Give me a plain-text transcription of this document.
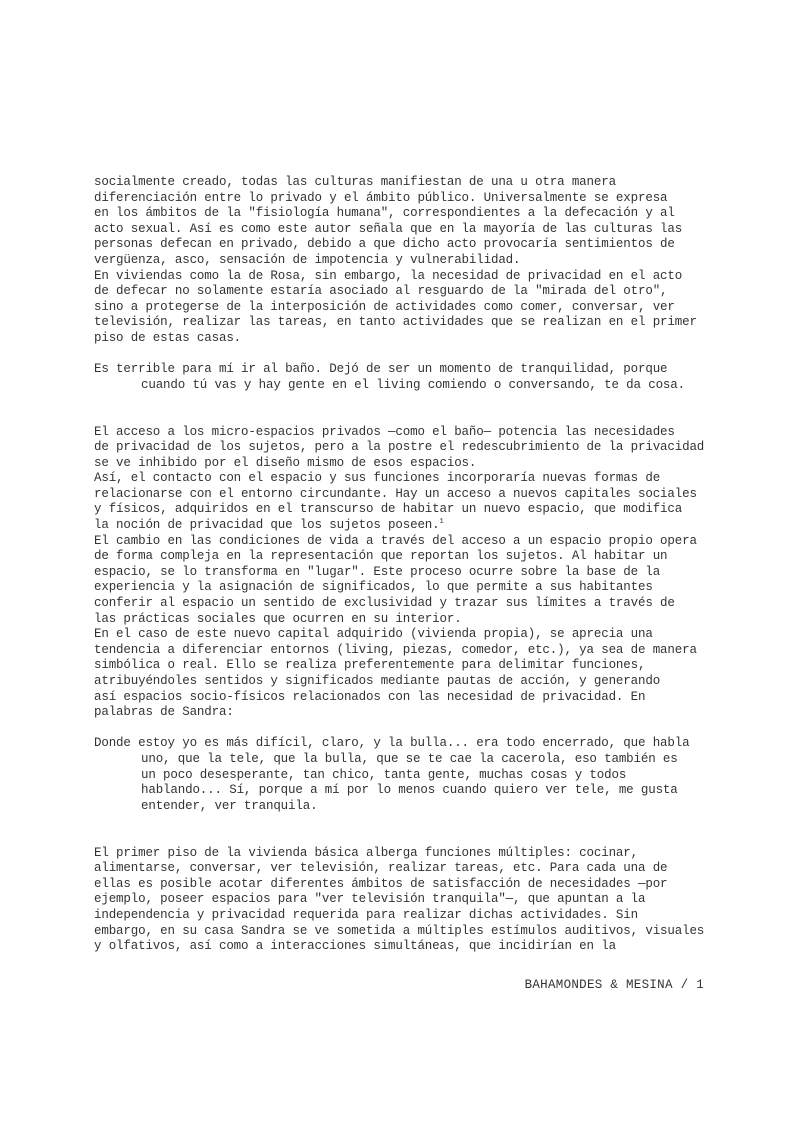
socialmente creado, todas las culturas manifiestan de una u otra manera
diferenciación entre lo privado y el ámbito público. Universalmente se expresa
en los ámbitos de la "fisiología humana", correspondientes a la defecación y al
acto sexual. Así es como este autor señala que en la mayoría de las culturas las
personas defecan en privado, debido a que dicho acto provocaría sentimientos de
vergüenza, asco, sensación de impotencia y vulnerabilidad.
En viviendas como la de Rosa, sin embargo, la necesidad de privacidad en el acto
de defecar no solamente estaría asociado al resguardo de la "mirada del otro",
sino a protegerse de la interposición de actividades como comer, conversar, ver
televisión, realizar las tareas, en tanto actividades que se realizan en el primer
piso de estas casas.
Es terrible para mí ir al baño. Dejó de ser un momento de tranquilidad, porque
cuando tú vas y hay gente en el living comiendo o conversando, te da cosa.
El acceso a los micro-espacios privados —como el baño— potencia las necesidades
de privacidad de los sujetos, pero a la postre el redescubrimiento de la privacidad
se ve inhibido por el diseño mismo de esos espacios.
Así, el contacto con el espacio y sus funciones incorporaría nuevas formas de
relacionarse con el entorno circundante. Hay un acceso a nuevos capitales sociales
y físicos, adquiridos en el transcurso de habitar un nuevo espacio, que modifica
la noción de privacidad que los sujetos poseen.$^1$
El cambio en las condiciones de vida a través del acceso a un espacio propio opera
de forma compleja en la representación que reportan los sujetos. Al habitar un
espacio, se lo transforma en "lugar". Este proceso ocurre sobre la base de la
experiencia y la asignación de significados, lo que permite a sus habitantes
conferir al espacio un sentido de exclusividad y trazar sus límites a través de
las prácticas sociales que ocurren en su interior.
En el caso de este nuevo capital adquirido (vivienda propia), se aprecia una
tendencia a diferenciar entornos (living, piezas, comedor, etc.), ya sea de manera
simbólica o real. Ello se realiza preferentemente para delimitar funciones,
atribuyéndoles sentidos y significados mediante pautas de acción, y generando
así espacios socio-físicos relacionados con las necesidad de privacidad. En
palabras de Sandra:
Donde estoy yo es más difícil, claro, y la bulla... era todo encerrado, que habla
uno, que la tele, que la bulla, que se te cae la cacerola, eso también es
un poco desesperante, tan chico, tanta gente, muchas cosas y todos
hablando... Sí, porque a mí por lo menos cuando quiero ver tele, me gusta
entender, ver tranquila.
El primer piso de la vivienda básica alberga funciones múltiples: cocinar,
alimentarse, conversar, ver televisión, realizar tareas, etc. Para cada una de
ellas es posible acotar diferentes ámbitos de satisfacción de necesidades —por
ejemplo, poseer espacios para "ver televisión tranquila"—, que apuntan a la
independencia y privacidad requerida para realizar dichas actividades. Sin
embargo, en su casa Sandra se ve sometida a múltiples estímulos auditivos, visuales
y olfativos, así como a interacciones simultáneas, que incidirían en la
BAHAMONDES & MESINA / 1
